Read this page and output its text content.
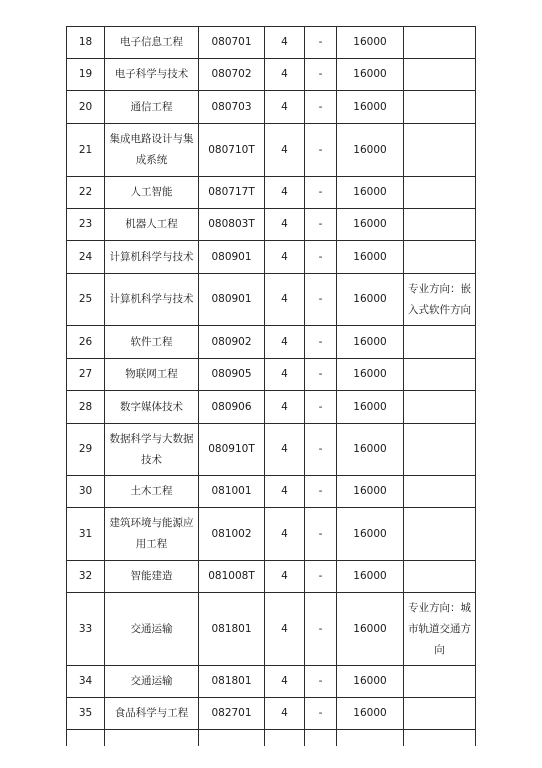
18	电子信息工程	080701	4	-	16000	
19	电子科学与技术	080702	4	-	16000	
20	通信工程	080703	4	-	16000	
21	集成电路设计与集成系统	080710T	4	-	16000	
22	人工智能	080717T	4	-	16000	
23	机器人工程	080803T	4	-	16000	
24	计算机科学与技术	080901	4	-	16000	
25	计算机科学与技术	080901	4	-	16000	专业方向：嵌入式软件方向
26	软件工程	080902	4	-	16000	
27	物联网工程	080905	4	-	16000	
28	数字媒体技术	080906	4	-	16000	
29	数据科学与大数据技术	080910T	4	-	16000	
30	土木工程	081001	4	-	16000	
31	建筑环境与能源应用工程	081002	4	-	16000	
32	智能建造	081008T	4	-	16000	
33	交通运输	081801	4	-	16000	专业方向：城市轨道交通方向
34	交通运输	081801	4	-	16000	
35	食品科学与工程	082701	4	-	16000	
